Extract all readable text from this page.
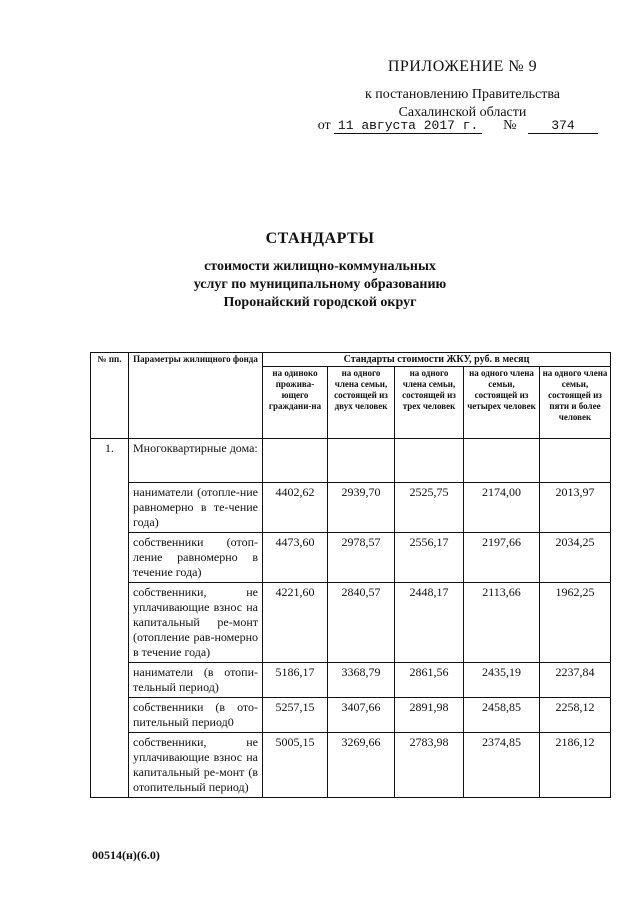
ПРИЛОЖЕНИЕ № 9
к постановлению Правительства
Сахалинской области
от 11 августа 2017 г. №	374
СТАНДАРТЫ
стоимости жилищно-коммунальных
услуг по муниципальному образованию
Поронайский городской округ
№ пп.	Параметры жилищного фонда	Стандарты стоимости ЖКУ, руб. в месяц				
		на одиноко прожива-ющего граждани-на	на одного члена семьи, состоящей из двух человек	на одного члена семьи, состоящей из трех человек	на одного члена семьи, состоящей из четырех человек	на одного члена семьи, состоящей из пяти и более человек
1.	Многоквартирные дома:					
	наниматели (отопле-ние равномерно в те-чение года)	4402,62	2939,70	2525,75	2174,00	2013,97
	собственники (отоп-ление равномерно в течение года)	4473,60	2978,57	2556,17	2197,66	2034,25
	собственники, не уплачивающие взнос на капитальный ре-монт (отопление рав-номерно в течение года)	4221,60	2840,57	2448,17	2113,66	1962,25
	наниматели (в отопи-тельный период)	5186,17	3368,79	2861,56	2435,19	2237,84
	собственники (в ото-пительный период0	5257,15	3407,66	2891,98	2458,85	2258,12
	собственники, не уплачивающие взнос на капитальный ре-монт (в отопительный период)	5005,15	3269,66	2783,98	2374,85	2186,12
00514(н)(6.0)
